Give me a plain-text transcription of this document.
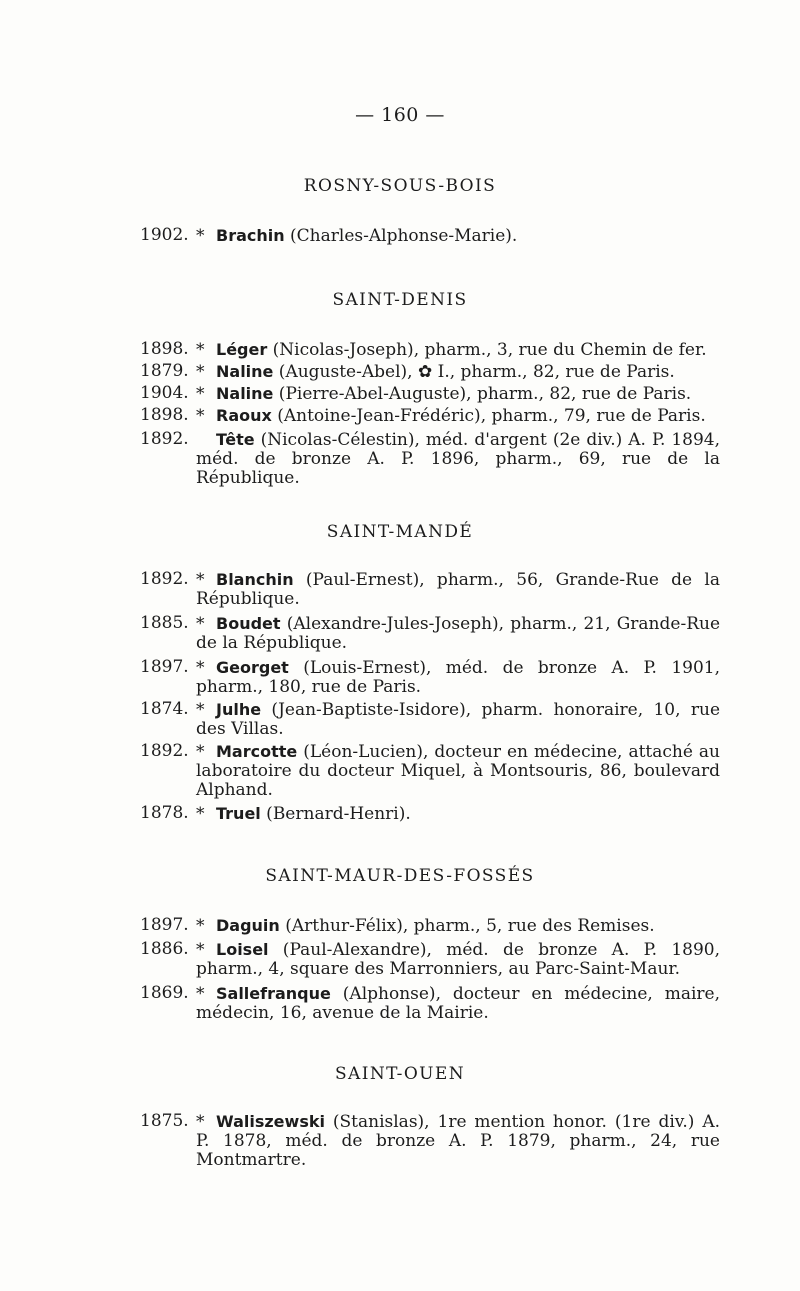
— 160 —
ROSNY-SOUS-BOIS
1902. * Brachin (Charles-Alphonse-Marie).
SAINT-DENIS
1898. * Léger (Nicolas-Joseph), pharm., 3, rue du Chemin de fer.
1879. * Naline (Auguste-Abel), ✿ I., pharm., 82, rue de Paris.
1904. * Naline (Pierre-Abel-Auguste), pharm., 82, rue de Paris.
1898. * Raoux (Antoine-Jean-Frédéric), pharm., 79, rue de Paris.
1892.	Tête (Nicolas-Célestin), méd. d'argent (2e div.) A. P. 1894, méd. de bronze A. P. 1896, pharm., 69, rue de la République.
SAINT-MANDÉ
1892. * Blanchin (Paul-Ernest), pharm., 56, Grande-Rue de la République.
1885. * Boudet (Alexandre-Jules-Joseph), pharm., 21, Grande-Rue de la République.
1897. * Georget (Louis-Ernest), méd. de bronze A. P. 1901, pharm., 180, rue de Paris.
1874. * Julhe (Jean-Baptiste-Isidore), pharm. honoraire, 10, rue des Villas.
1892. * Marcotte (Léon-Lucien), docteur en médecine, attaché au laboratoire du docteur Miquel, à Montsouris, 86, boulevard Alphand.
1878. * Truel (Bernard-Henri).
SAINT-MAUR-DES-FOSSÉS
1897. * Daguin (Arthur-Félix), pharm., 5, rue des Remises.
1886. * Loisel (Paul-Alexandre), méd. de bronze A. P. 1890, pharm., 4, square des Marronniers, au Parc-Saint-Maur.
1869. * Sallefranque (Alphonse), docteur en médecine, maire, médecin, 16, avenue de la Mairie.
SAINT-OUEN
1875. * Waliszewski (Stanislas), 1re mention honor. (1re div.) A. P. 1878, méd. de bronze A. P. 1879, pharm., 24, rue Montmartre.
